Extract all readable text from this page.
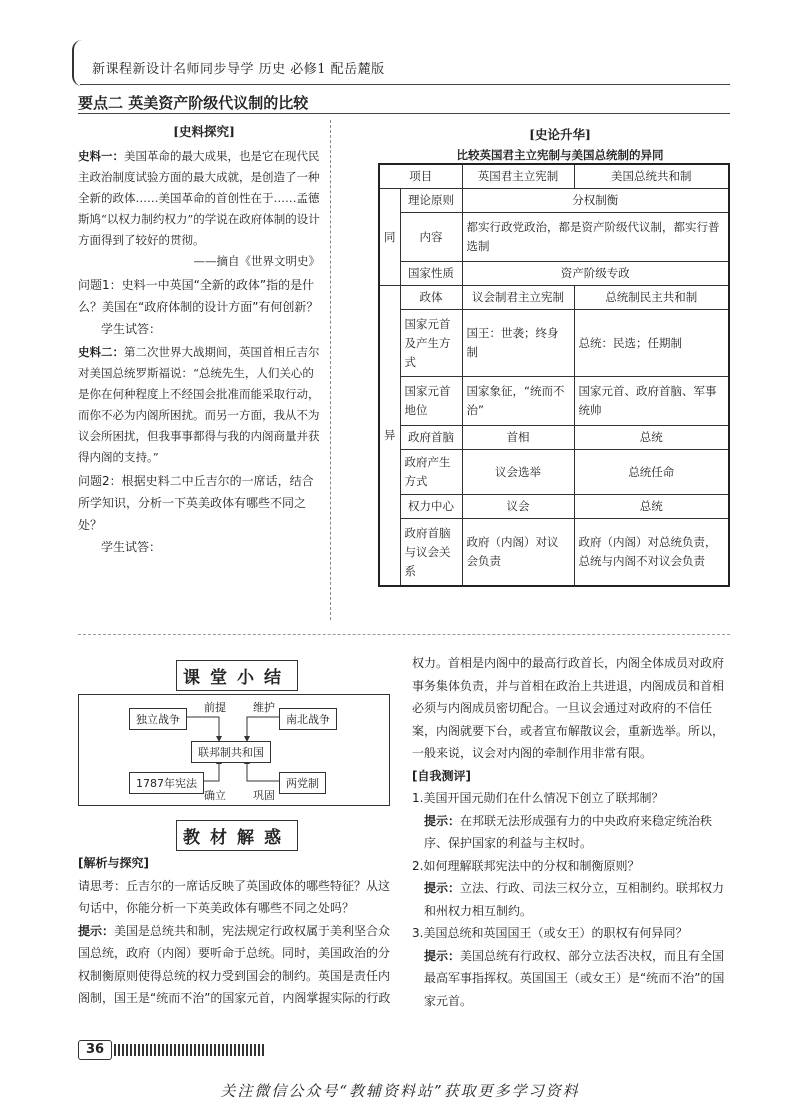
新课程新设计名师同步导学 历史 必修1 配岳麓版
要点二 英美资产阶级代议制的比较
[史料探究]
史料一：美国革命的最大成果，也是它在现代民主政治制度试验方面的最大成就，是创造了一种全新的政体……美国革命的首创性在于……孟德斯鸠“以权力制约权力”的学说在政府体制的设计方面得到了较好的贯彻。
——摘自《世界文明史》
问题1：史料一中英国“全新的政体”指的是什么？美国在“政府体制的设计方面”有何创新？
学生试答：
史料二：第二次世界大战期间，英国首相丘吉尔对美国总统罗斯福说：“总统先生，人们关心的是你在何种程度上不经国会批准而能采取行动，而你不必为内阁所困扰。而另一方面，我从不为议会所困扰，但我事事都得与我的内阁商量并获得内阁的支持。”
问题2：根据史料二中丘吉尔的一席话，结合所学知识，分析一下英美政体有哪些不同之处？
学生试答：
[史论升华]
比较英国君主立宪制与美国总统制的异同
项目		英国君主立宪制	美国总统共和制
同	理论原则	分权制衡	
	内容	都实行政党政治，都是资产阶级代议制，都实行普选制	
	国家性质	资产阶级专政	
异	政体	议会制君主立宪制	总统制民主共和制
	国家元首及产生方式	国王：世袭；终身制	总统：民选；任期制
	国家元首地位	国家象征，“统而不治”	国家元首、政府首脑、军事统帅
	政府首脑	首相	总统
	政府产生方式	议会选举	总统任命
	权力中心	议会	总统
	政府首脑与议会关系	政府（内阁）对议会负责	政府（内阁）对总统负责，总统与内阁不对议会负责
课堂小结
独立战争	南北战争
联邦制共和国
1787年宪法	两党制
前提 维护
确立 巩固
教材解惑
[解析与探究]
请思考：丘吉尔的一席话反映了英国政体的哪些特征？从这句话中，你能分析一下英美政体有哪些不同之处吗？
提示：美国是总统共和制，宪法规定行政权属于美利坚合众国总统，政府（内阁）要听命于总统。同时，美国政治的分权制衡原则使得总统的权力受到国会的制约。英国是责任内阁制，国王是“统而不治”的国家元首，内阁掌握实际的行政
权力。首相是内阁中的最高行政首长，内阁全体成员对政府事务集体负责，并与首相在政治上共进退，内阁成员和首相必须与内阁成员密切配合。一旦议会通过对政府的不信任案，内阁就要下台，或者宣布解散议会，重新选举。所以，一般来说，议会对内阁的牵制作用非常有限。
[自我测评]
1.美国开国元勋们在什么情况下创立了联邦制？
提示：在邦联无法形成强有力的中央政府来稳定统治秩序、保护国家的利益与主权时。
2.如何理解联邦宪法中的分权和制衡原则？
提示：立法、行政、司法三权分立，互相制约。联邦权力和州权力相互制约。
3.美国总统和英国国王（或女王）的职权有何异同？
提示：美国总统有行政权、部分立法否决权，而且有全国最高军事指挥权。英国国王（或女王）是“统而不治”的国家元首。
36
关注微信公众号“教辅资料站”获取更多学习资料
